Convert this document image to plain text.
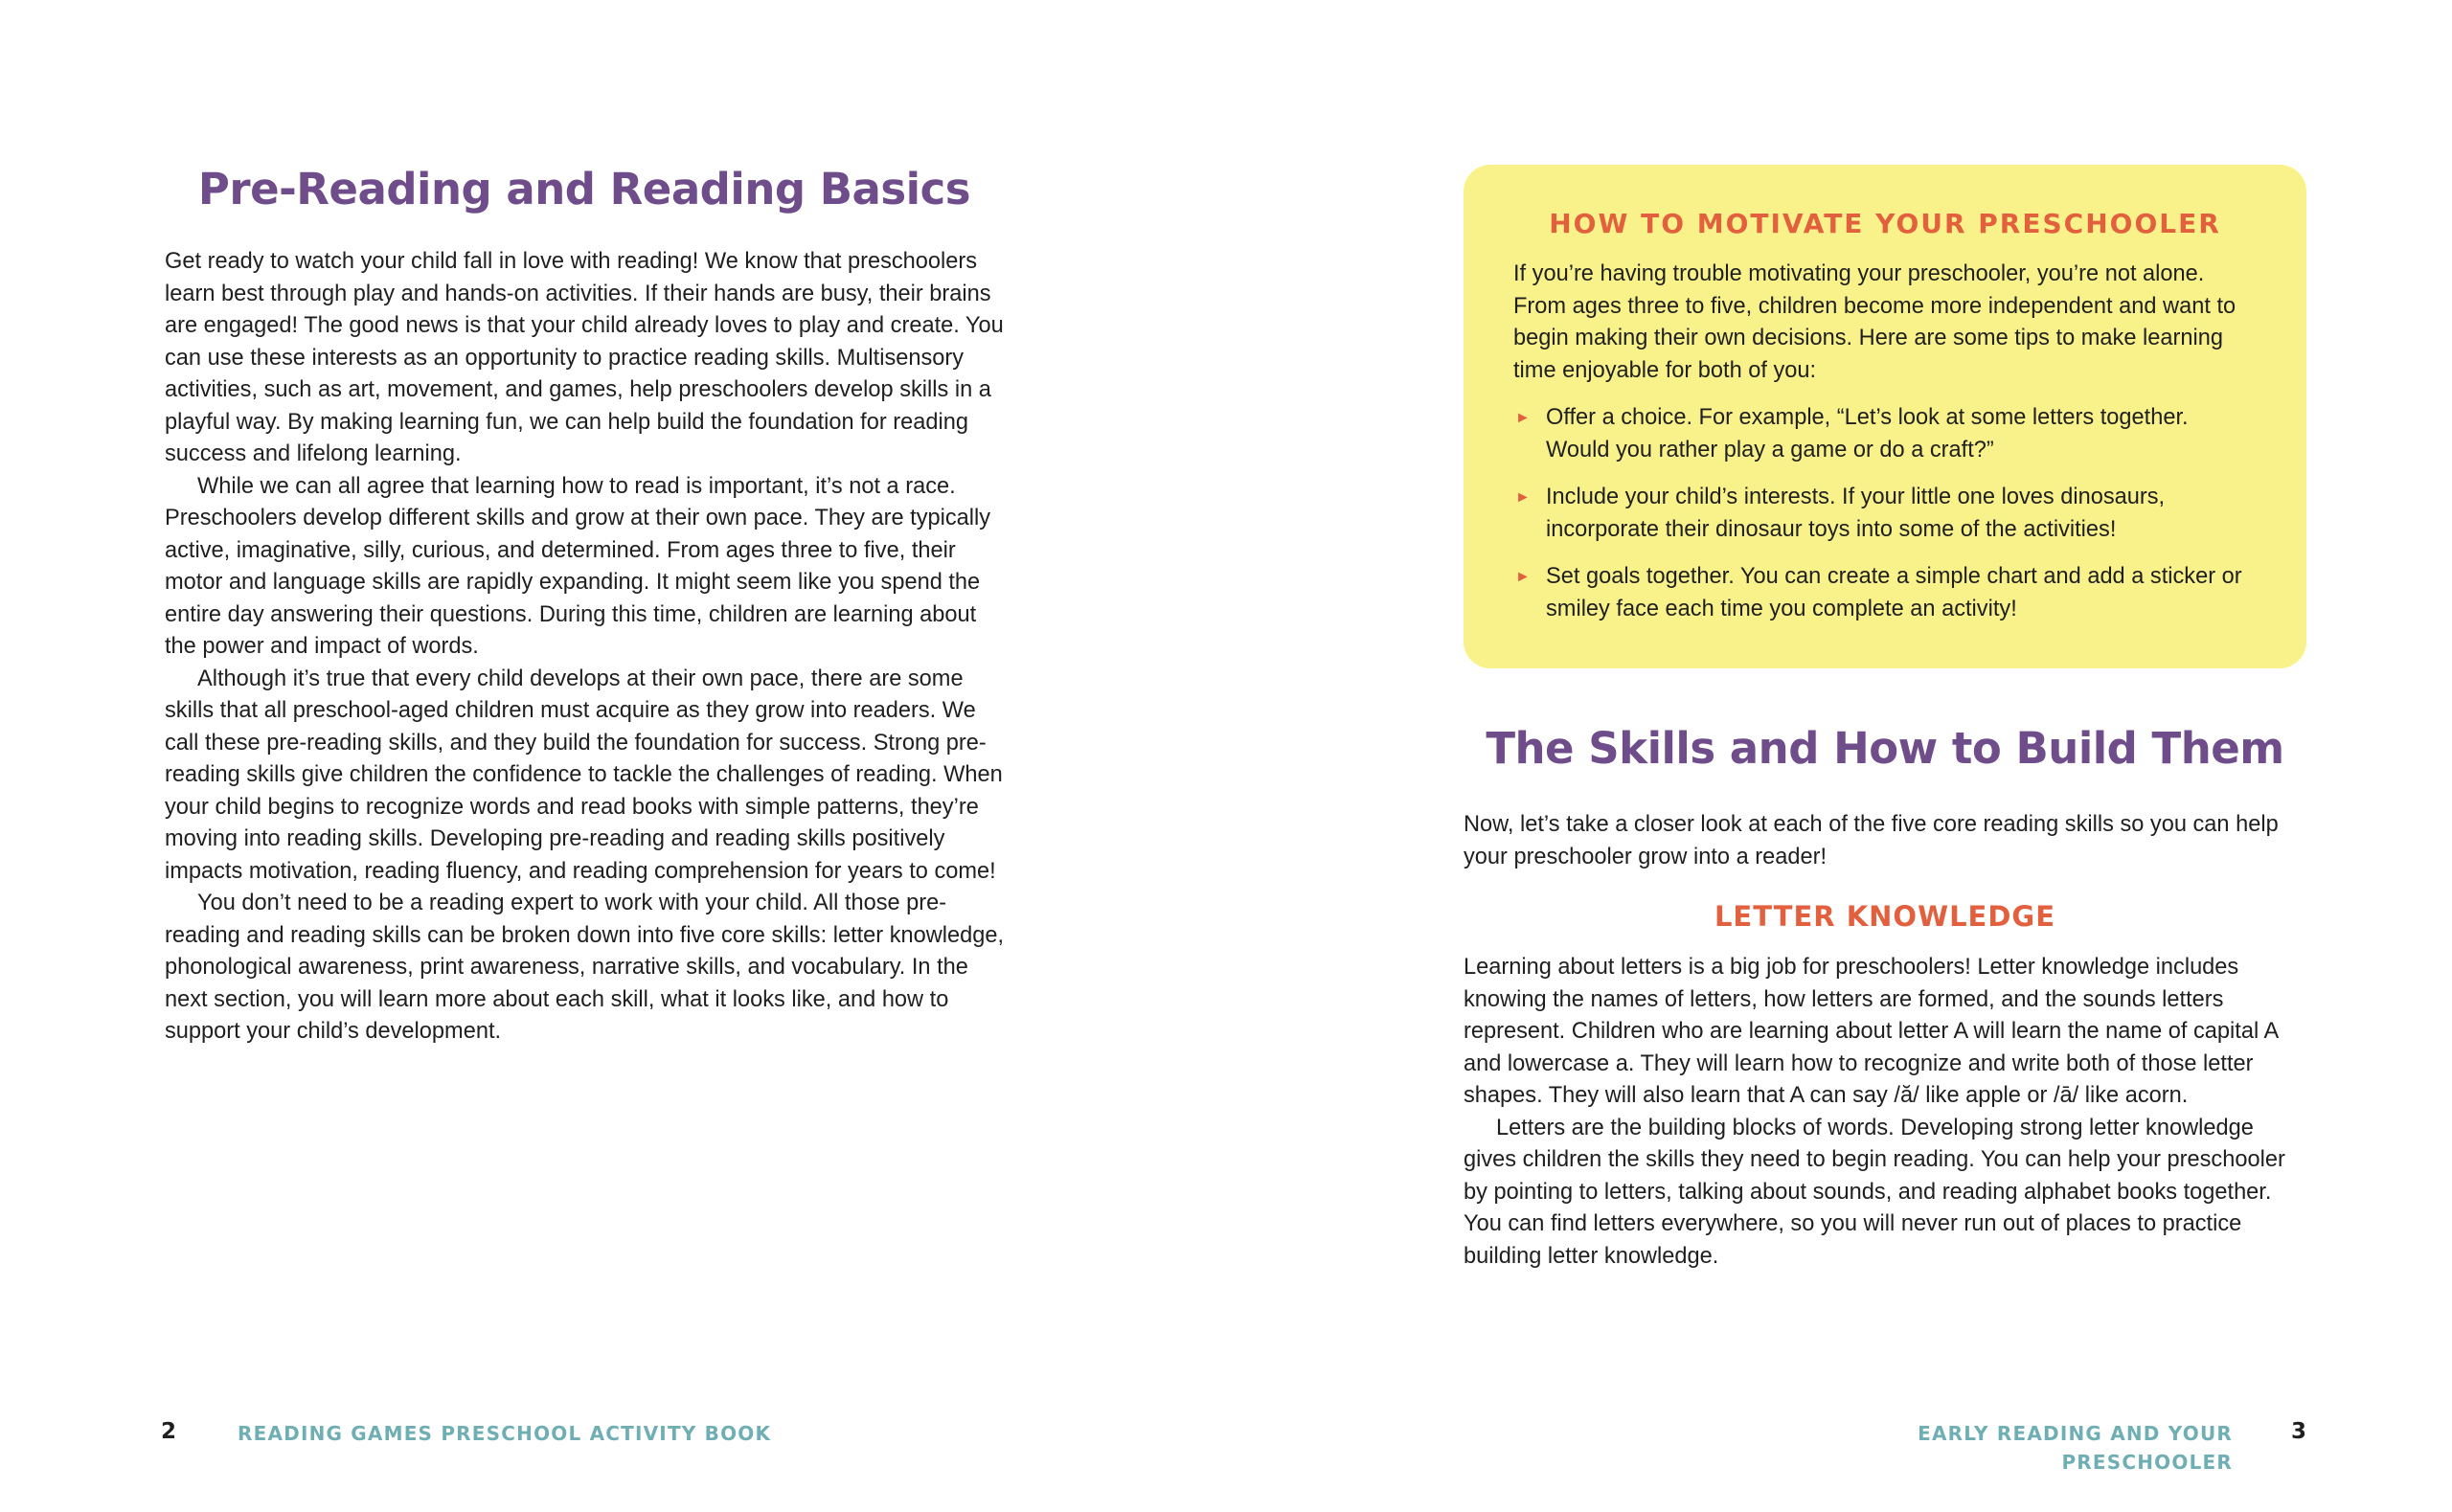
Pre-Reading and Reading Basics

Get ready to watch your child fall in love with reading! We know that preschoolers learn best through play and hands-on activities. If their hands are busy, their brains are engaged! The good news is that your child already loves to play and create. You can use these interests as an opportunity to practice reading skills. Multisensory activities, such as art, movement, and games, help preschoolers develop skills in a playful way. By making learning fun, we can help build the foundation for reading success and lifelong learning.

While we can all agree that learning how to read is important, it’s not a race. Preschoolers develop different skills and grow at their own pace. They are typically active, imaginative, silly, curious, and determined. From ages three to five, their motor and language skills are rapidly expanding. It might seem like you spend the entire day answering their questions. During this time, children are learning about the power and impact of words.

Although it’s true that every child develops at their own pace, there are some skills that all preschool-aged children must acquire as they grow into readers. We call these pre-reading skills, and they build the foundation for success. Strong pre-reading skills give children the confidence to tackle the challenges of reading. When your child begins to recognize words and read books with simple patterns, they’re moving into reading skills. Developing pre-reading and reading skills positively impacts motivation, reading fluency, and reading comprehension for years to come!

You don’t need to be a reading expert to work with your child. All those pre-reading and reading skills can be broken down into five core skills: letter knowledge, phonological awareness, print awareness, narrative skills, and vocabulary. In the next section, you will learn more about each skill, what it looks like, and how to support your child’s development.

HOW TO MOTIVATE YOUR PRESCHOOLER

If you’re having trouble motivating your preschooler, you’re not alone. From ages three to five, children become more independent and want to begin making their own decisions. Here are some tips to make learning time enjoyable for both of you:

► Offer a choice. For example, “Let’s look at some letters together. Would you rather play a game or do a craft?”
► Include your child’s interests. If your little one loves dinosaurs, incorporate their dinosaur toys into some of the activities!
► Set goals together. You can create a simple chart and add a sticker or smiley face each time you complete an activity!
The Skills and How to Build Them

Now, let’s take a closer look at each of the five core reading skills so you can help your preschooler grow into a reader!

LETTER KNOWLEDGE

Learning about letters is a big job for preschoolers! Letter knowledge includes knowing the names of letters, how letters are formed, and the sounds letters represent. Children who are learning about letter A will learn the name of capital A and lowercase a. They will learn how to recognize and write both of those letter shapes. They will also learn that A can say /ă/ like apple or /ā/ like acorn.

Letters are the building blocks of words. Developing strong letter knowledge gives children the skills they need to begin reading. You can help your preschooler by pointing to letters, talking about sounds, and reading alphabet books together. You can find letters everywhere, so you will never run out of places to practice building letter knowledge.

2	READING GAMES PRESCHOOL ACTIVITY BOOK	EARLY READING AND YOUR PRESCHOOLER
3
